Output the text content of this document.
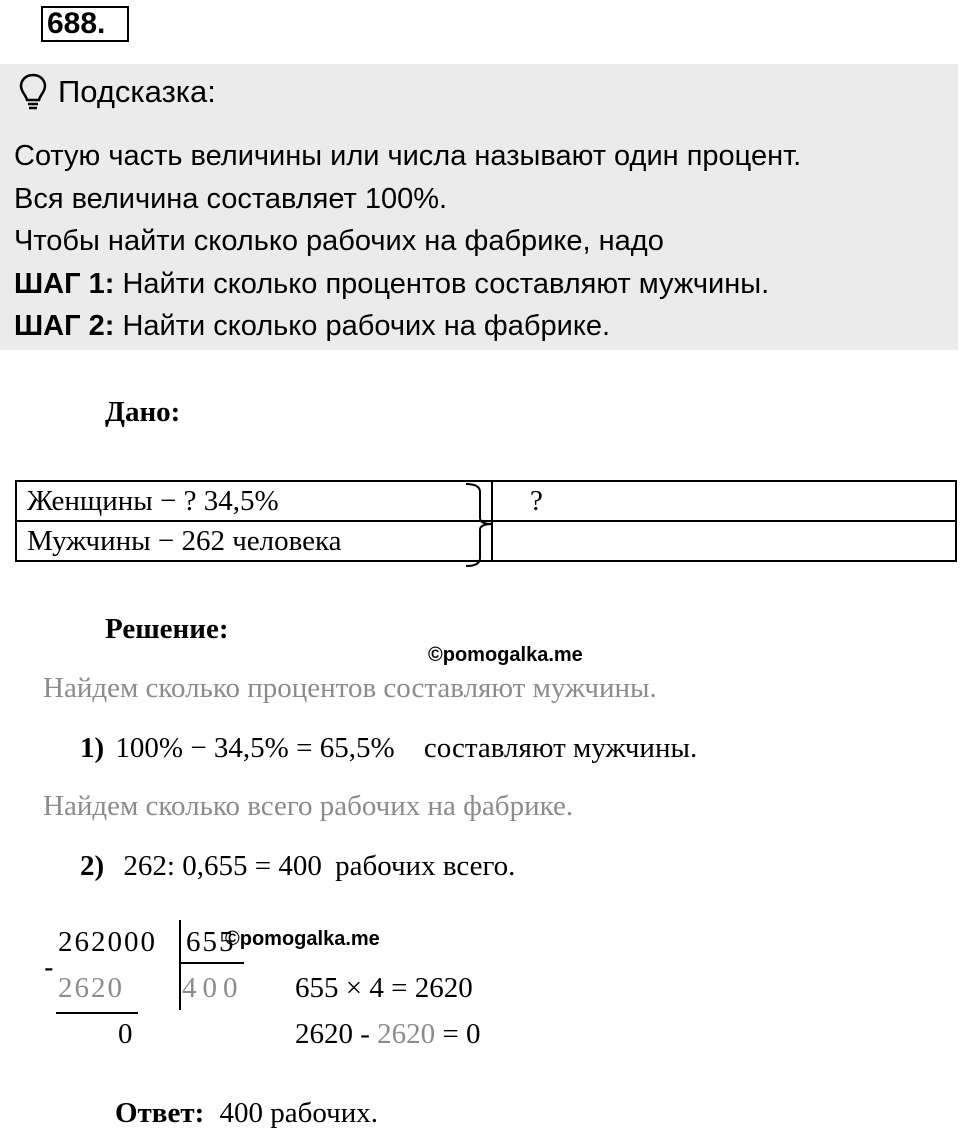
688.
Подсказка:
Сотую часть величины или числа называют один процент.
Вся величина составляет 100%.
Чтобы найти сколько рабочих на фабрике, надо
ШАГ 1: Найти сколько процентов составляют мужчины.
ШАГ 2: Найти сколько рабочих на фабрике.
Дано:
Женщины − ? 34,5%	?
Мужчины − 262 человека	
Решение:
©pomogalka.me
Найдем сколько процентов составляют мужчины.
1) 100% − 34,5% = 65,5% составляют мужчины.
Найдем сколько всего рабочих на фабрике.
2) 262: 0,655 = 400 рабочих всего.
262000 655
©pomogalka.me
-
2620 400
0
655 × 4 = 2620
2620 - 2620 = 0
Ответ: 400 рабочих.
